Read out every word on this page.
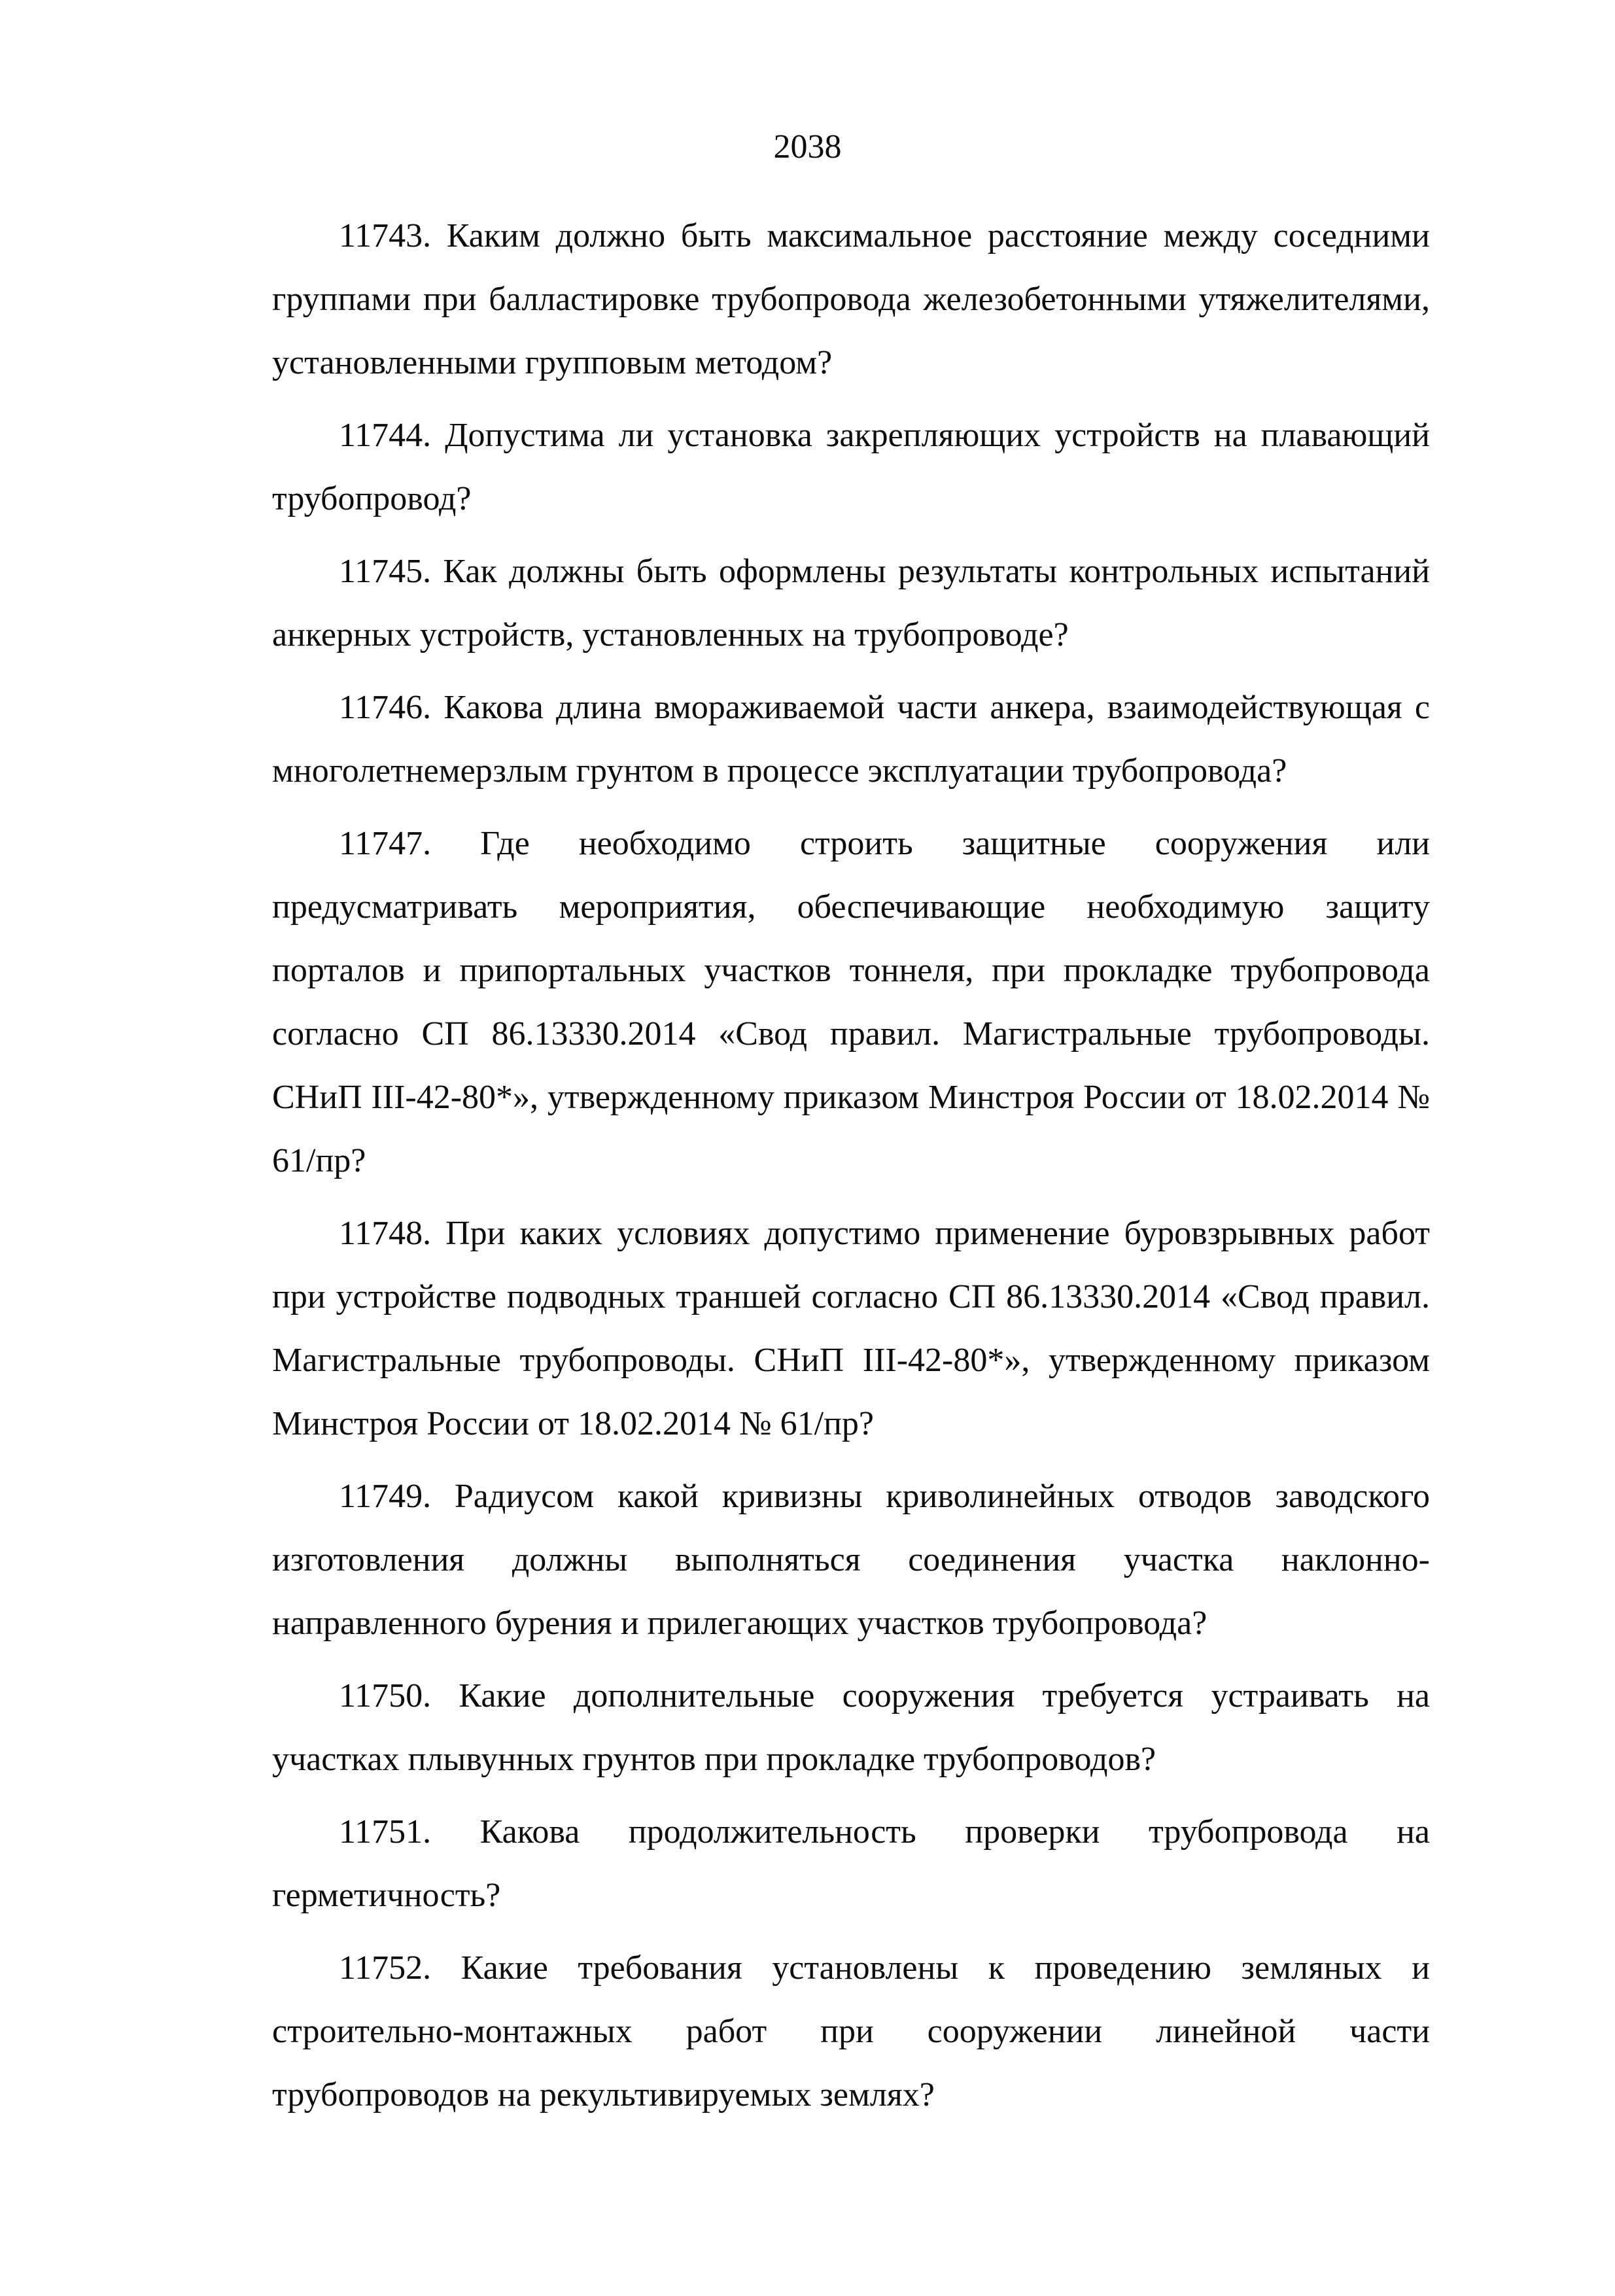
2038
11743. Каким должно быть максимальное расстояние между соседними группами при балластировке трубопровода железобетонными утяжелителями, установленными групповым методом?
11744. Допустима ли установка закрепляющих устройств на плавающий трубопровод?
11745. Как должны быть оформлены результаты контрольных испытаний анкерных устройств, установленных на трубопроводе?
11746. Какова длина вмораживаемой части анкера, взаимодействующая с многолетнемерзлым грунтом в процессе эксплуатации трубопровода?
11747. Где необходимо строить защитные сооружения или предусматривать мероприятия, обеспечивающие необходимую защиту порталов и припортальных участков тоннеля, при прокладке трубопровода согласно СП 86.13330.2014 «Свод правил. Магистральные трубопроводы. СНиП III-42-80*», утвержденному приказом Минстроя России от 18.02.2014 № 61/пр?
11748. При каких условиях допустимо применение буровзрывных работ при устройстве подводных траншей согласно СП 86.13330.2014 «Свод правил. Магистральные трубопроводы. СНиП III-42-80*», утвержденному приказом Минстроя России от 18.02.2014 № 61/пр?
11749. Радиусом какой кривизны криволинейных отводов заводского изготовления должны выполняться соединения участка наклонно-направленного бурения и прилегающих участков трубопровода?
11750. Какие дополнительные сооружения требуется устраивать на участках плывунных грунтов при прокладке трубопроводов?
11751. Какова продолжительность проверки трубопровода на герметичность?
11752. Какие требования установлены к проведению земляных и строительно-монтажных работ при сооружении линейной части трубопроводов на рекультивируемых землях?
